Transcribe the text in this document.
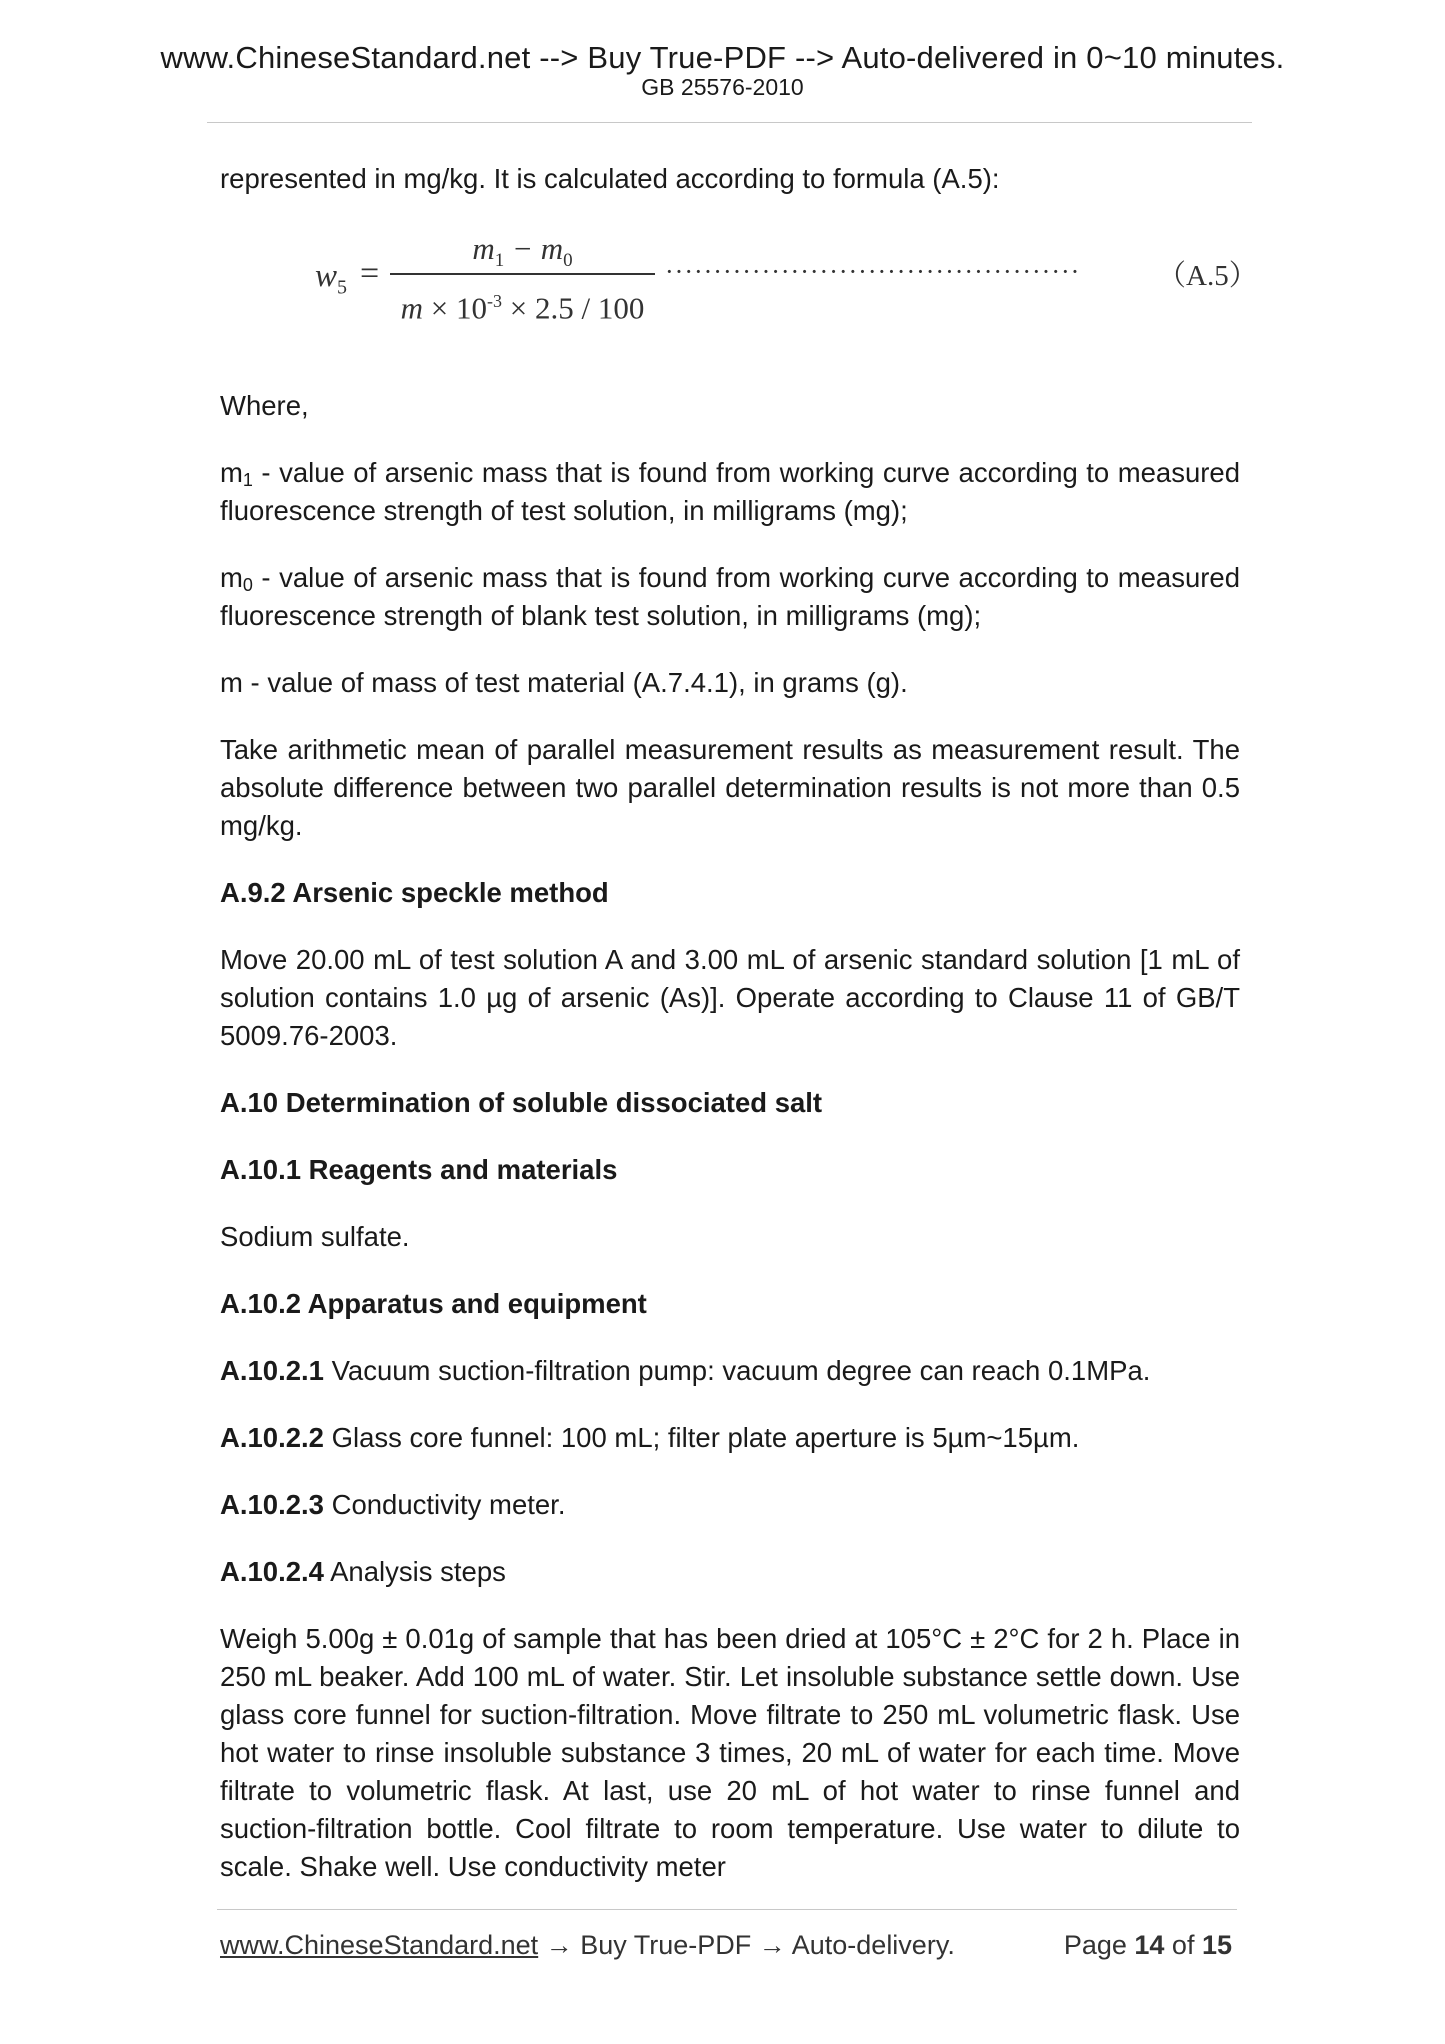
www.ChineseStandard.net --> Buy True-PDF --> Auto-delivered in 0~10 minutes.
GB 25576-2010

represented in mg/kg. It is calculated according to formula (A.5):

$w_5$ =
$m_1 - m_0$
$m \times 10^{-3} \times 2.5 / 100$
···········································	（A.5）

Where,

$m_1$ - value of arsenic mass that is found from working curve according to measured fluorescence strength of test solution, in milligrams (mg);

$m_0$ - value of arsenic mass that is found from working curve according to measured fluorescence strength of blank test solution, in milligrams (mg);

m - value of mass of test material (A.7.4.1), in grams (g).

Take arithmetic mean of parallel measurement results as measurement result. The absolute difference between two parallel determination results is not more than 0.5 mg/kg.

A.9.2 Arsenic speckle method

Move 20.00 mL of test solution A and 3.00 mL of arsenic standard solution [1 mL of solution contains 1.0 µg of arsenic (As)]. Operate according to Clause 11 of GB/T 5009.76-2003.

A.10 Determination of soluble dissociated salt

A.10.1 Reagents and materials

Sodium sulfate.

A.10.2 Apparatus and equipment

A.10.2.1 Vacuum suction-filtration pump: vacuum degree can reach 0.1MPa.

A.10.2.2 Glass core funnel: 100 mL; filter plate aperture is 5µm~15µm.

A.10.2.3 Conductivity meter.

A.10.2.4 Analysis steps

Weigh 5.00g ± 0.01g of sample that has been dried at 105°C ± 2°C for 2 h. Place in 250 mL beaker. Add 100 mL of water. Stir. Let insoluble substance settle down. Use glass core funnel for suction-filtration. Move filtrate to 250 mL volumetric flask. Use hot water to rinse insoluble substance 3 times, 20 mL of water for each time. Move filtrate to volumetric flask. At last, use 20 mL of hot water to rinse funnel and suction-filtration bottle. Cool filtrate to room temperature. Use water to dilute to scale. Shake well. Use conductivity meter

www.ChineseStandard.net → Buy True-PDF → Auto-delivery.	Page 14 of 15
